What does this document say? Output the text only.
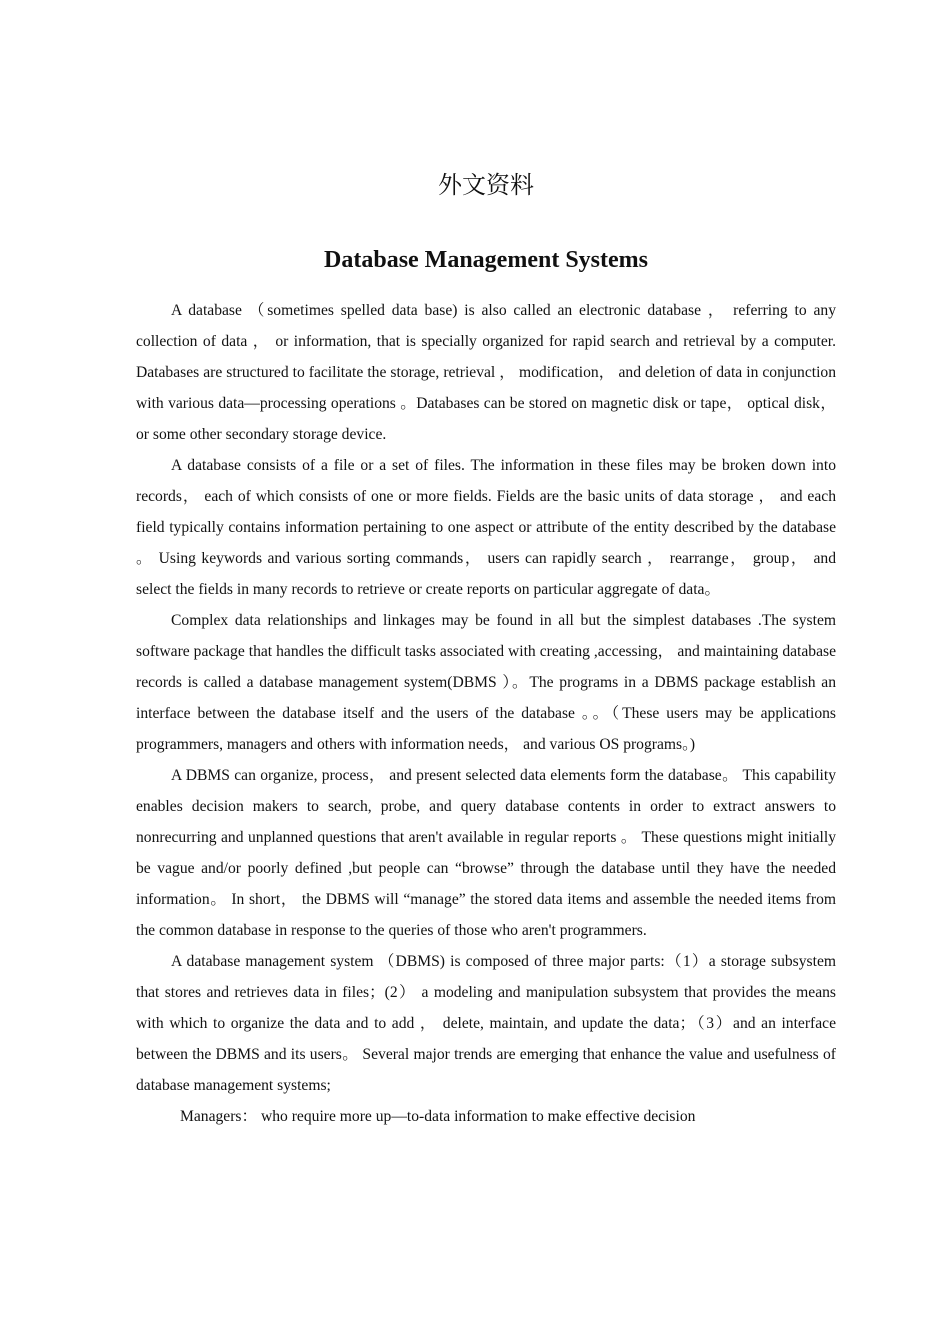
外文资料
Database Management Systems

A database （sometimes spelled data base) is also called an electronic database ， referring to any collection of data ， or information, that is specially organized for rapid search and retrieval by a computer. Databases are structured to facilitate the storage, retrieval ， modification， and deletion of data in conjunction with various data—processing operations 。Databases can be stored on magnetic disk or tape， optical disk， or some other secondary storage device.

A database consists of a file or a set of files. The information in these files may be broken down into records， each of which consists of one or more fields. Fields are the basic units of data storage ， and each field typically contains information pertaining to one aspect or attribute of the entity described by the database 。 Using keywords and various sorting commands， users can rapidly search ， rearrange， group， and select the fields in many records to retrieve or create reports on particular aggregate of data。

Complex data relationships and linkages may be found in all but the simplest databases .The system software package that handles the difficult tasks associated with creating ,accessing， and maintaining database records is called a database management system(DBMS ）。The programs in a DBMS package establish an interface between the database itself and the users of the database 。。（These users may be applications programmers, managers and others with information needs， and various OS programs。)

A DBMS can organize, process， and present selected data elements form the database。 This capability enables decision makers to search, probe, and query database contents in order to extract answers to nonrecurring and unplanned questions that aren't available in regular reports 。 These questions might initially be vague and/or poorly defined ,but people can “browse” through the database until they have the needed information。 In short， the DBMS will “manage” the stored data items and assemble the needed items from the common database in response to the queries of those who aren't programmers.

A database management system （DBMS) is composed of three major parts:（1）a storage subsystem that stores and retrieves data in files；(2） a modeling and manipulation subsystem that provides the means with which to organize the data and to add ， delete, maintain, and update the data；（3）and an interface between the DBMS and its users。 Several major trends are emerging that enhance the value and usefulness of database management systems;

Managers： who require more up—to-data information to make effective decision
